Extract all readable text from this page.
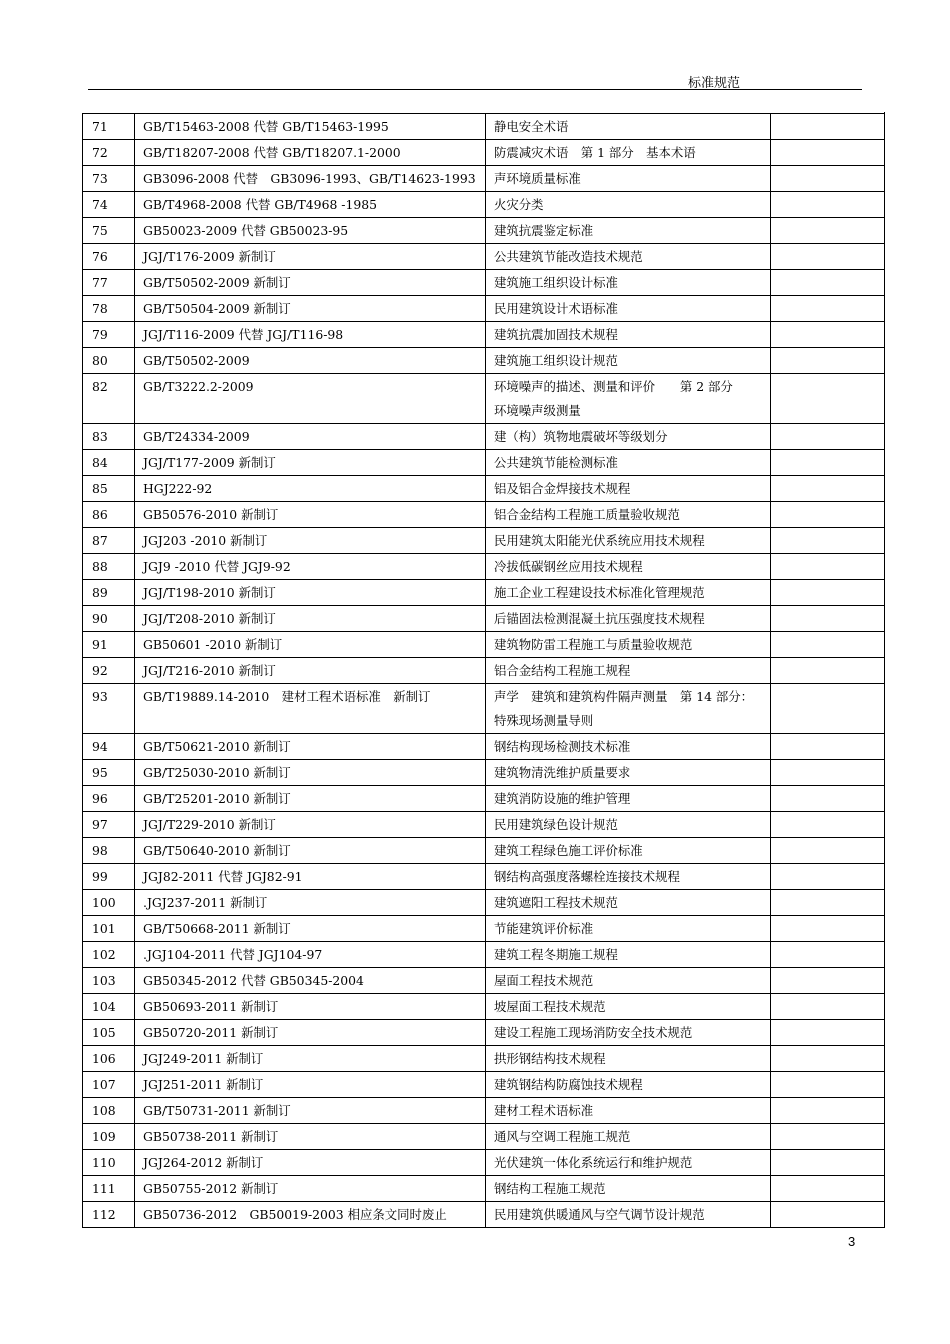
标准规范
71	GB/T15463-2008 代替 GB/T15463-1995	静电安全术语	
72	GB/T18207-2008 代替 GB/T18207.1-2000	防震减灾术语　第 1 部分　基本术语	
73	GB3096-2008 代替　GB3096-1993、GB/T14623-1993	声环境质量标准	
74	GB/T4968-2008 代替 GB/T4968 -1985	火灾分类	
75	GB50023-2009 代替 GB50023-95	建筑抗震鉴定标准	
76	JGJ/T176-2009 新制订	公共建筑节能改造技术规范	
77	GB/T50502-2009 新制订	建筑施工组织设计标准	
78	GB/T50504-2009 新制订	民用建筑设计术语标准	
79	JGJ/T116-2009 代替 JGJ/T116-98	建筑抗震加固技术规程	
80	GB/T50502-2009	建筑施工组织设计规范	
82	GB/T3222.2-2009	环境噪声的描述、测量和评价　　第 2 部分　　环境噪声级测量	
83	GB/T24334-2009	建（构）筑物地震破坏等级划分	
84	JGJ/T177-2009 新制订	公共建筑节能检测标准	
85	HGJ222-92	铝及铝合金焊接技术规程	
86	GB50576-2010 新制订	铝合金结构工程施工质量验收规范	
87	JGJ203 -2010 新制订	民用建筑太阳能光伏系统应用技术规程	
88	JGJ9 -2010 代替 JGJ9-92	冷拔低碳钢丝应用技术规程	
89	JGJ/T198-2010 新制订	施工企业工程建设技术标准化管理规范	
90	JGJ/T208-2010 新制订	后锚固法检测混凝土抗压强度技术规程	
91	GB50601 -2010 新制订	建筑物防雷工程施工与质量验收规范	
92	JGJ/T216-2010 新制订	铝合金结构工程施工规程	
93	GB/T19889.14-2010　建材工程术语标准　新制订	声学　建筑和建筑构件隔声测量　第 14 部分：特殊现场测量导则	
94	GB/T50621-2010 新制订	钢结构现场检测技术标准	
95	GB/T25030-2010 新制订	建筑物清洗维护质量要求	
96	GB/T25201-2010 新制订	建筑消防设施的维护管理	
97	JGJ/T229-2010 新制订	民用建筑绿色设计规范	
98	GB/T50640-2010 新制订	建筑工程绿色施工评价标准	
99	JGJ82-2011 代替 JGJ82-91	钢结构高强度落螺栓连接技术规程	
100	.JGJ237-2011 新制订	建筑遮阳工程技术规范	
101	GB/T50668-2011 新制订	节能建筑评价标准	
102	.JGJ104-2011 代替 JGJ104-97	建筑工程冬期施工规程	
103	GB50345-2012 代替 GB50345-2004	屋面工程技术规范	
104	GB50693-2011 新制订	坡屋面工程技术规范	
105	GB50720-2011 新制订	建设工程施工现场消防安全技术规范	
106	JGJ249-2011 新制订	拱形钢结构技术规程	
107	JGJ251-2011 新制订	建筑钢结构防腐蚀技术规程	
108	GB/T50731-2011 新制订	建材工程术语标准	
109	GB50738-2011 新制订	通风与空调工程施工规范	
110	JGJ264-2012 新制订	光伏建筑一体化系统运行和维护规范	
111	GB50755-2012 新制订	钢结构工程施工规范	
112	GB50736-2012　GB50019-2003 相应条文同时废止	民用建筑供暖通风与空气调节设计规范	
3
